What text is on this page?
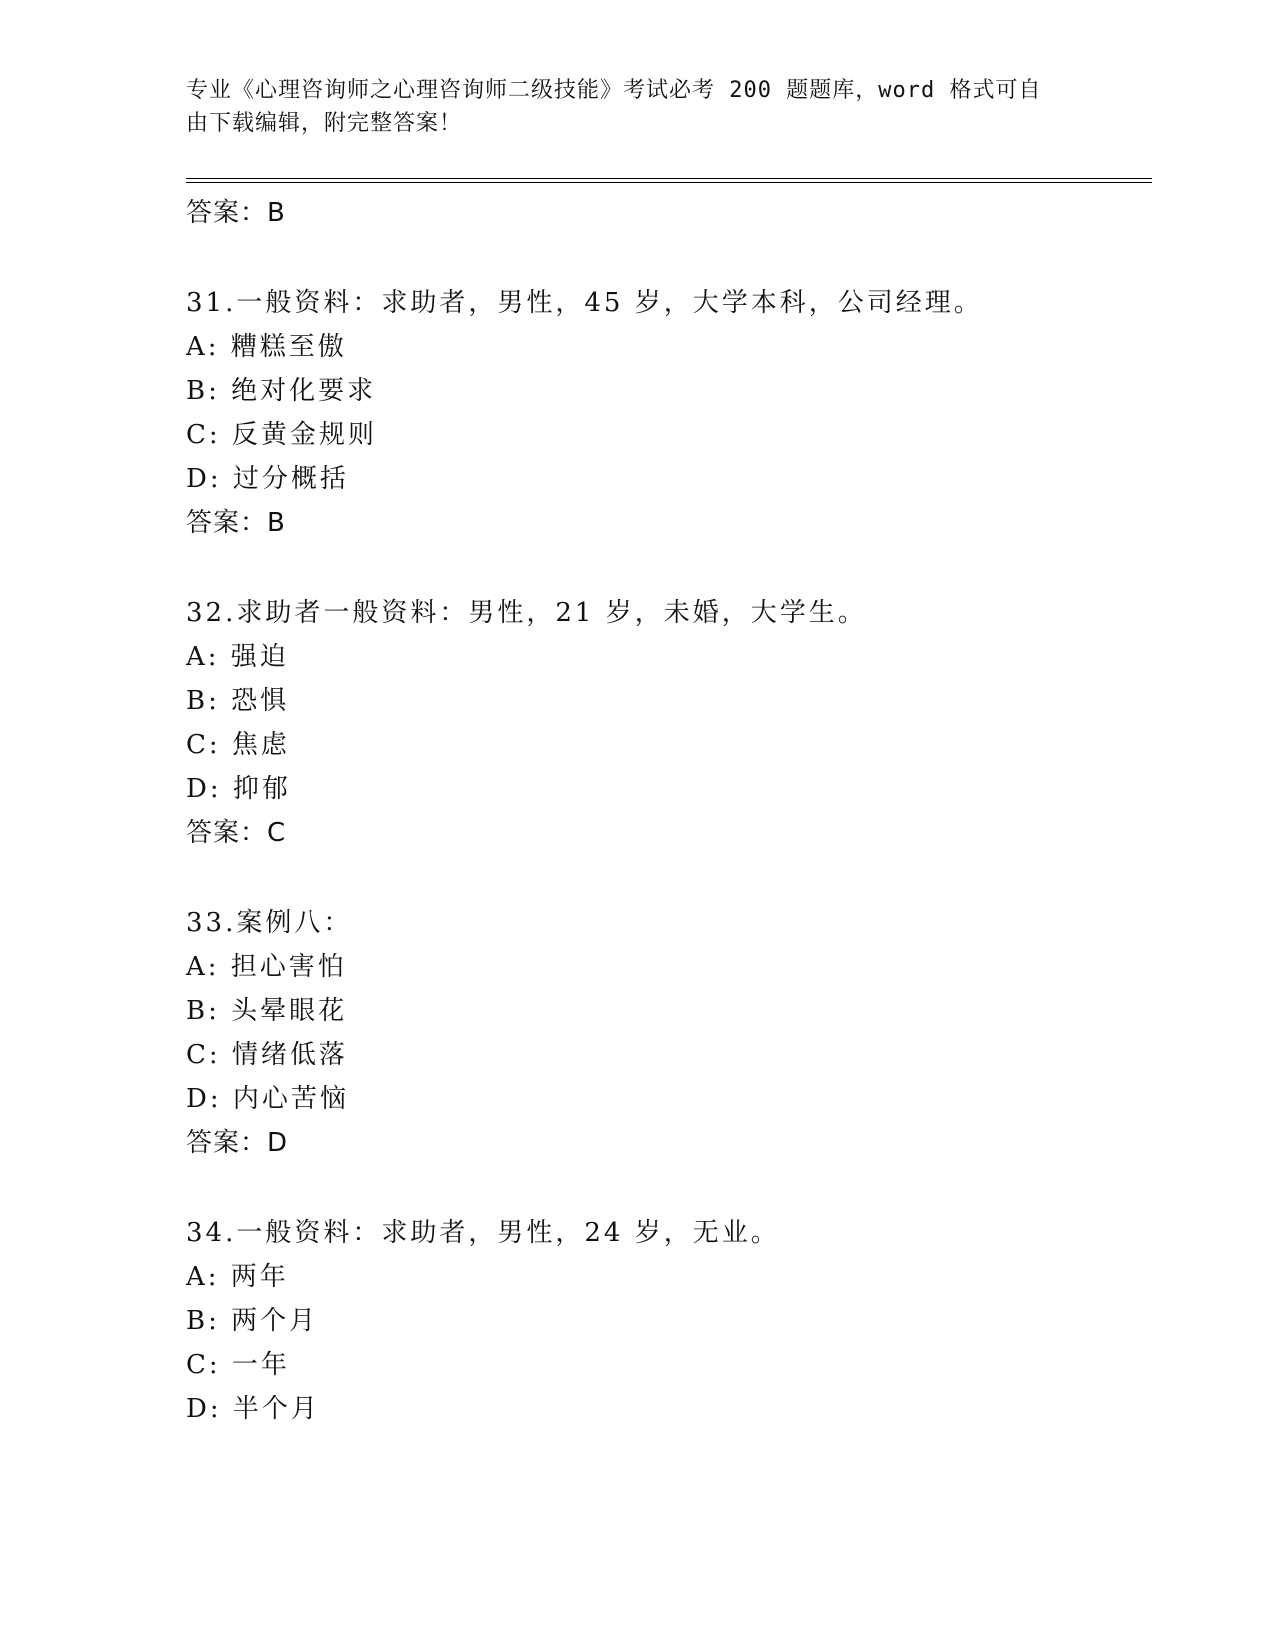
专业《心理咨询师之心理咨询师二级技能》考试必考 200 题题库，word 格式可自
由下载编辑，附完整答案！
答案：B
31.一般资料：求助者，男性，45 岁，大学本科，公司经理。
A: 糟糕至傲
B: 绝对化要求
C: 反黄金规则
D: 过分概括
答案：B
32.求助者一般资料：男性，21 岁，未婚，大学生。
A: 强迫
B: 恐惧
C: 焦虑
D: 抑郁
答案：C
33.案例八：
A: 担心害怕
B: 头晕眼花
C: 情绪低落
D: 内心苦恼
答案：D
34.一般资料：求助者，男性，24 岁，无业。
A: 两年
B: 两个月
C: 一年
D: 半个月
